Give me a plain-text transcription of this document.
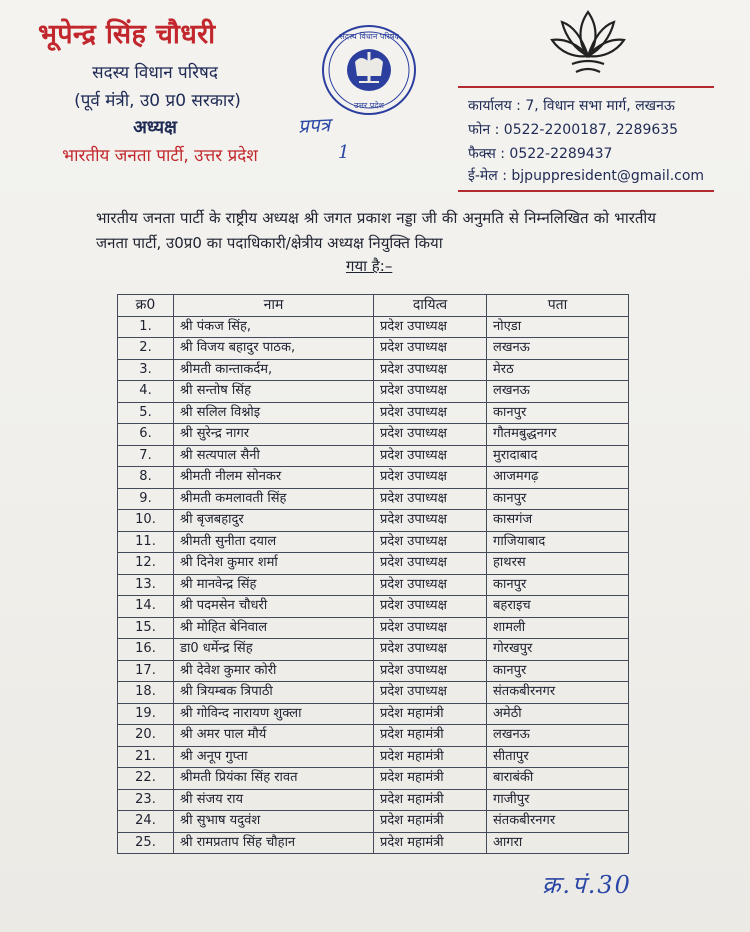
भूपेन्द्र सिंह चौधरी
सदस्य विधान परिषद
(पूर्व मंत्री, उ0 प्र0 सरकार)
अध्यक्ष
भारतीय जनता पार्टी, उत्तर प्रदेश
सदस्य विधान परिषद
उत्तर प्रदेश
प्रपत्र
1
कार्यालय : 7, विधान सभा मार्ग, लखनऊ
फोन : 0522-2200187, 2289635
फैक्स : 0522-2289437
ई-मेल : bjpuppresident@gmail.com
भारतीय जनता पार्टी के राष्ट्रीय अध्यक्ष श्री जगत प्रकाश नड्डा जी की अनुमति से निम्नलिखित को भारतीय जनता पार्टी, उ0प्र0 का पदाधिकारी/क्षेत्रीय अध्यक्ष नियुक्ति किया
गया है:–
क्र0	नाम	दायित्व	पता
1.	श्री पंकज सिंह,	प्रदेश उपाध्यक्ष	नोएडा
2.	श्री विजय बहादुर पाठक,	प्रदेश उपाध्यक्ष	लखनऊ
3.	श्रीमती कान्ताकर्दम,	प्रदेश उपाध्यक्ष	मेरठ
4.	श्री सन्तोष सिंह	प्रदेश उपाध्यक्ष	लखनऊ
5.	श्री सलिल विश्नोइ	प्रदेश उपाध्यक्ष	कानपुर
6.	श्री सुरेन्द्र नागर	प्रदेश उपाध्यक्ष	गौतमबुद्धनगर
7.	श्री सत्यपाल सैनी	प्रदेश उपाध्यक्ष	मुरादाबाद
8.	श्रीमती नीलम सोनकर	प्रदेश उपाध्यक्ष	आजमगढ़
9.	श्रीमती कमलावती सिंह	प्रदेश उपाध्यक्ष	कानपुर
10.	श्री बृजबहादुर	प्रदेश उपाध्यक्ष	कासगंज
11.	श्रीमती सुनीता दयाल	प्रदेश उपाध्यक्ष	गाजियाबाद
12.	श्री दिनेश कुमार शर्मा	प्रदेश उपाध्यक्ष	हाथरस
13.	श्री मानवेन्द्र सिंह	प्रदेश उपाध्यक्ष	कानपुर
14.	श्री पदमसेन चौधरी	प्रदेश उपाध्यक्ष	बहराइच
15.	श्री मोहित बेनिवाल	प्रदेश उपाध्यक्ष	शामली
16.	डा0 धर्मेन्द्र सिंह	प्रदेश उपाध्यक्ष	गोरखपुर
17.	श्री देवेश कुमार कोरी	प्रदेश उपाध्यक्ष	कानपुर
18.	श्री त्रियम्बक त्रिपाठी	प्रदेश उपाध्यक्ष	संतकबीरनगर
19.	श्री गोविन्द नारायण शुक्ला	प्रदेश महामंत्री	अमेठी
20.	श्री अमर पाल मौर्य	प्रदेश महामंत्री	लखनऊ
21.	श्री अनूप गुप्ता	प्रदेश महामंत्री	सीतापुर
22.	श्रीमती प्रियंका सिंह रावत	प्रदेश महामंत्री	बाराबंकी
23.	श्री संजय राय	प्रदेश महामंत्री	गाजीपुर
24.	श्री सुभाष यदुवंश	प्रदेश महामंत्री	संतकबीरनगर
25.	श्री रामप्रताप सिंह चौहान	प्रदेश महामंत्री	आगरा
क्र.पं.30
